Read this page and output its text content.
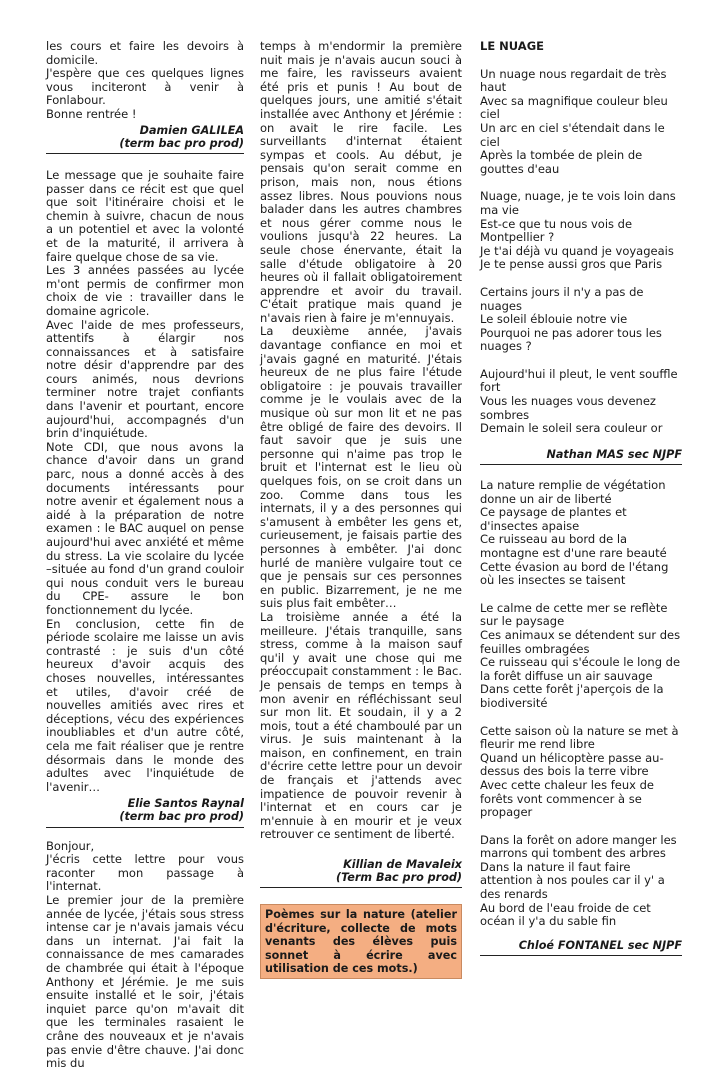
les cours et faire les devoirs à domicile.
J'espère que ces quelques lignes vous inciteront à venir à Fonlabour.
Bonne rentrée !

Damien GALILEA
(term bac pro prod)

Le message que je souhaite faire passer dans ce récit est que quel que soit l'itinéraire choisi et le chemin à suivre, chacun de nous a un potentiel et avec la volonté et de la maturité, il arrivera à faire quelque chose de sa vie.
Les 3 années passées au lycée m'ont permis de confirmer mon choix de vie : travailler dans le domaine agricole.
Avec l'aide de mes professeurs, attentifs à élargir nos connaissances et à satisfaire notre désir d'apprendre par des cours animés, nous devrions terminer notre trajet confiants dans l'avenir et pourtant, encore aujourd'hui, accompagnés d'un brin d'inquiétude.
Note CDI, que nous avons la chance d'avoir dans un grand parc, nous a donné accès à des documents intéressants pour notre avenir et également nous a aidé à la préparation de notre examen : le BAC auquel on pense aujourd'hui avec anxiété et même du stress. La vie scolaire du lycée –située au fond d'un grand couloir qui nous conduit vers le bureau du CPE- assure le bon fonctionnement du lycée.
En conclusion, cette fin de période scolaire me laisse un avis contrasté : je suis d'un côté heureux d'avoir acquis des choses nouvelles, intéressantes et utiles, d'avoir créé de nouvelles amitiés avec rires et déceptions, vécu des expériences inoubliables et d'un autre côté, cela me fait réaliser que je rentre désormais dans le monde des adultes avec l'inquiétude de l'avenir…

Elie Santos Raynal
(term bac pro prod)

Bonjour,
J'écris cette lettre pour vous raconter mon passage à l'internat.
Le premier jour de la première année de lycée, j'étais sous stress intense car je n'avais jamais vécu dans un internat. J'ai fait la connaissance de mes camarades de chambrée qui était à l'époque Anthony et Jérémie. Je me suis ensuite installé et le soir, j'étais inquiet parce qu'on m'avait dit que les terminales rasaient le crâne des nouveaux et je n'avais pas envie d'être chauve. J'ai donc mis du

temps à m'endormir la première nuit mais je n'avais aucun souci à me faire, les ravisseurs avaient été pris et punis ! Au bout de quelques jours, une amitié s'était installée avec Anthony et Jérémie : on avait le rire facile. Les surveillants d'internat étaient sympas et cools. Au début, je pensais qu'on serait comme en prison, mais non, nous étions assez libres. Nous pouvions nous balader dans les autres chambres et nous gérer comme nous le voulions jusqu'à 22 heures. La seule chose énervante, était la salle d'étude obligatoire à 20 heures où il fallait obligatoirement apprendre et avoir du travail. C'était pratique mais quand je n'avais rien à faire je m'ennuyais.
La deuxième année, j'avais davantage confiance en moi et j'avais gagné en maturité. J'étais heureux de ne plus faire l'étude obligatoire : je pouvais travailler comme je le voulais avec de la musique où sur mon lit et ne pas être obligé de faire des devoirs. Il faut savoir que je suis une personne qui n'aime pas trop le bruit et l'internat est le lieu où quelques fois, on se croit dans un zoo. Comme dans tous les internats, il y a des personnes qui s'amusent à embêter les gens et, curieusement, je faisais partie des personnes à embêter. J'ai donc hurlé de manière vulgaire tout ce que je pensais sur ces personnes en public. Bizarrement, je ne me suis plus fait embêter…
La troisième année a été la meilleure. J'étais tranquille, sans stress, comme à la maison sauf qu'il y avait une chose qui me préoccupait constamment : le Bac. Je pensais de temps en temps à mon avenir en réfléchissant seul sur mon lit. Et soudain, il y a 2 mois, tout a été chamboulé par un virus. Je suis maintenant à la maison, en confinement, en train d'écrire cette lettre pour un devoir de français et j'attends avec impatience de pouvoir revenir à l'internat et en cours car je m'ennuie à en mourir et je veux retrouver ce sentiment de liberté.

Killian de Mavaleix
(Term Bac pro prod)
Poèmes sur la nature (atelier d'écriture, collecte de mots venants des élèves puis sonnet à écrire avec utilisation de ces mots.)
LE NUAGE
Un nuage nous regardait de très haut
Avec sa magnifique couleur bleu ciel
Un arc en ciel s'étendait dans le ciel
Après la tombée de plein de gouttes d'eau
Nuage, nuage, je te vois loin dans ma vie
Est-ce que tu nous vois de Montpellier ?
Je t'ai déjà vu quand je voyageais
Je te pense aussi gros que Paris
Certains jours il n'y a pas de nuages
Le soleil éblouie notre vie
Pourquoi ne pas adorer tous les nuages ?
Aujourd'hui il pleut, le vent souffle fort
Vous les nuages vous devenez sombres
Demain le soleil sera couleur or
Nathan MAS sec NJPF
La nature remplie de végétation donne un air de liberté
Ce paysage de plantes et d'insectes apaise
Ce ruisseau au bord de la montagne est d'une rare beauté
Cette évasion au bord de l'étang où les insectes se taisent
Le calme de cette mer se reflète sur le paysage
Ces animaux se détendent sur des feuilles ombragées
Ce ruisseau qui s'écoule le long de la forêt diffuse un air sauvage
Dans cette forêt j'aperçois de la biodiversité
Cette saison où la nature se met à fleurir me rend libre
Quand un hélicoptère passe au-dessus des bois la terre vibre
Avec cette chaleur les feux de forêts vont commencer à se propager
Dans la forêt on adore manger les marrons qui tombent des arbres
Dans la nature il faut faire attention à nos poules car il y' a des renards
Au bord de l'eau froide de cet océan il y'a du sable fin
Chloé FONTANEL sec NJPF
